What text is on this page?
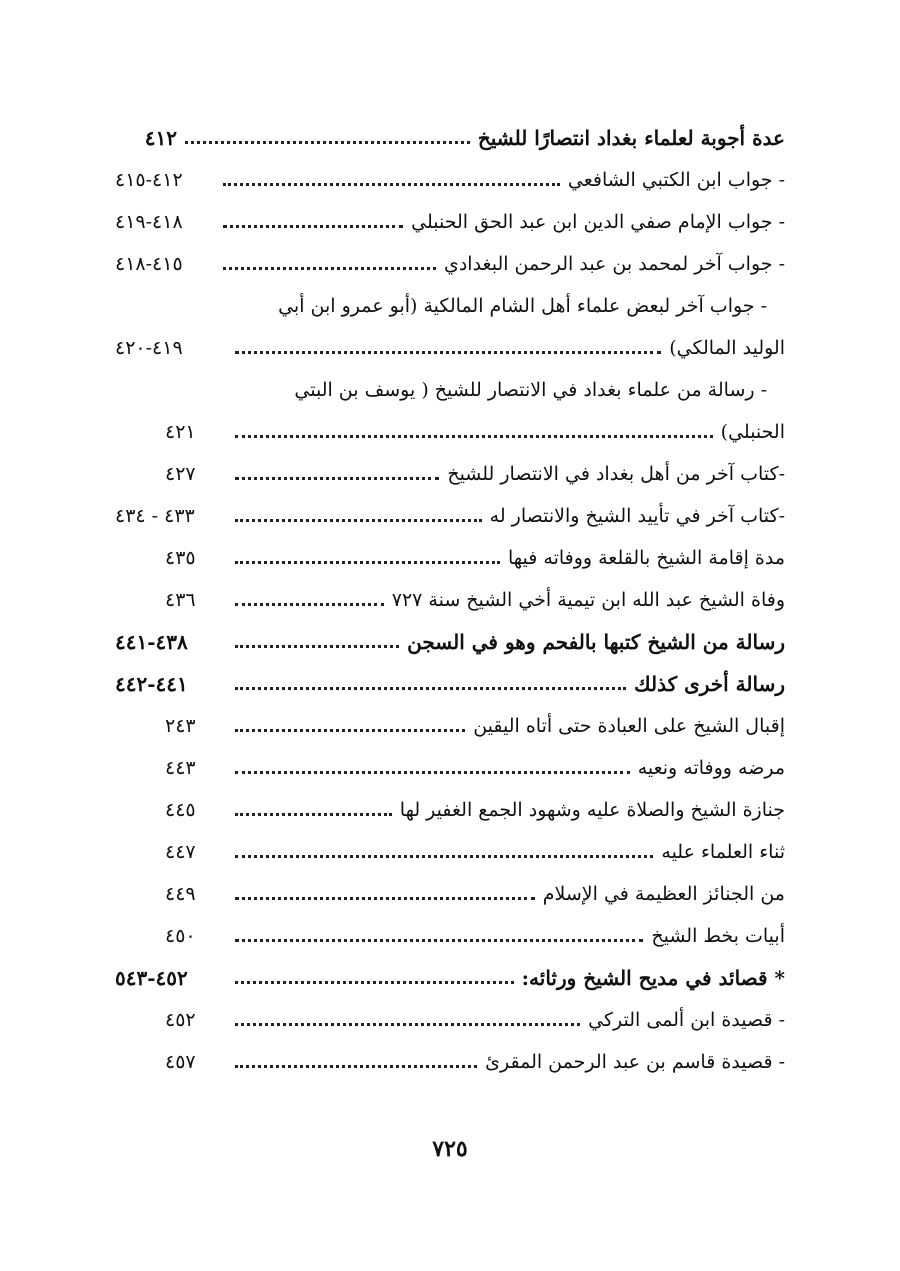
عدة أجوبة لعلماء بغداد انتصارًا للشيخ
٤١٢
- جواب ابن الكتبي الشافعي
٤١٢-٤١٥
- جواب الإمام صفي الدين ابن عبد الحق الحنبلي
٤١٨-٤١٩
- جواب آخر لمحمد بن عبد الرحمن البغدادي
٤١٥-٤١٨
- جواب آخر لبعض علماء أهل الشام المالكية (أبو عمرو ابن أبي
الوليد المالكي)
٤١٩-٤٢٠
- رسالة من علماء بغداد في الانتصار للشيخ ( يوسف بن البتي
الحنبلي)
٤٢١
-كتاب آخر من أهل بغداد في الانتصار للشيخ
٤٢٧
-كتاب آخر في تأييد الشيخ والانتصار له
٤٣٣ - ٤٣٤
مدة إقامة الشيخ بالقلعة ووفاته فيها
٤٣٥
وفاة الشيخ عبد الله ابن تيمية أخي الشيخ سنة ٧٢٧
٤٣٦
رسالة من الشيخ كتبها بالفحم وهو في السجن
٤٣٨-٤٤١
رسالة أخرى كذلك
٤٤١-٤٤٢
إقبال الشيخ على العبادة حتى أتاه اليقين
٢٤٣
مرضه ووفاته ونعيه
٤٤٣
جنازة الشيخ والصلاة عليه وشهود الجمع الغفير لها
٤٤٥
ثناء العلماء عليه
٤٤٧
من الجنائز العظيمة في الإسلام
٤٤٩
أبيات بخط الشيخ
٤٥٠
* قصائد في مديح الشيخ ورثائه:
٤٥٢-٥٤٣
- قصيدة ابن ألمى التركي
٤٥٢
- قصيدة قاسم بن عبد الرحمن المقرئ
٤٥٧
٧٢٥
